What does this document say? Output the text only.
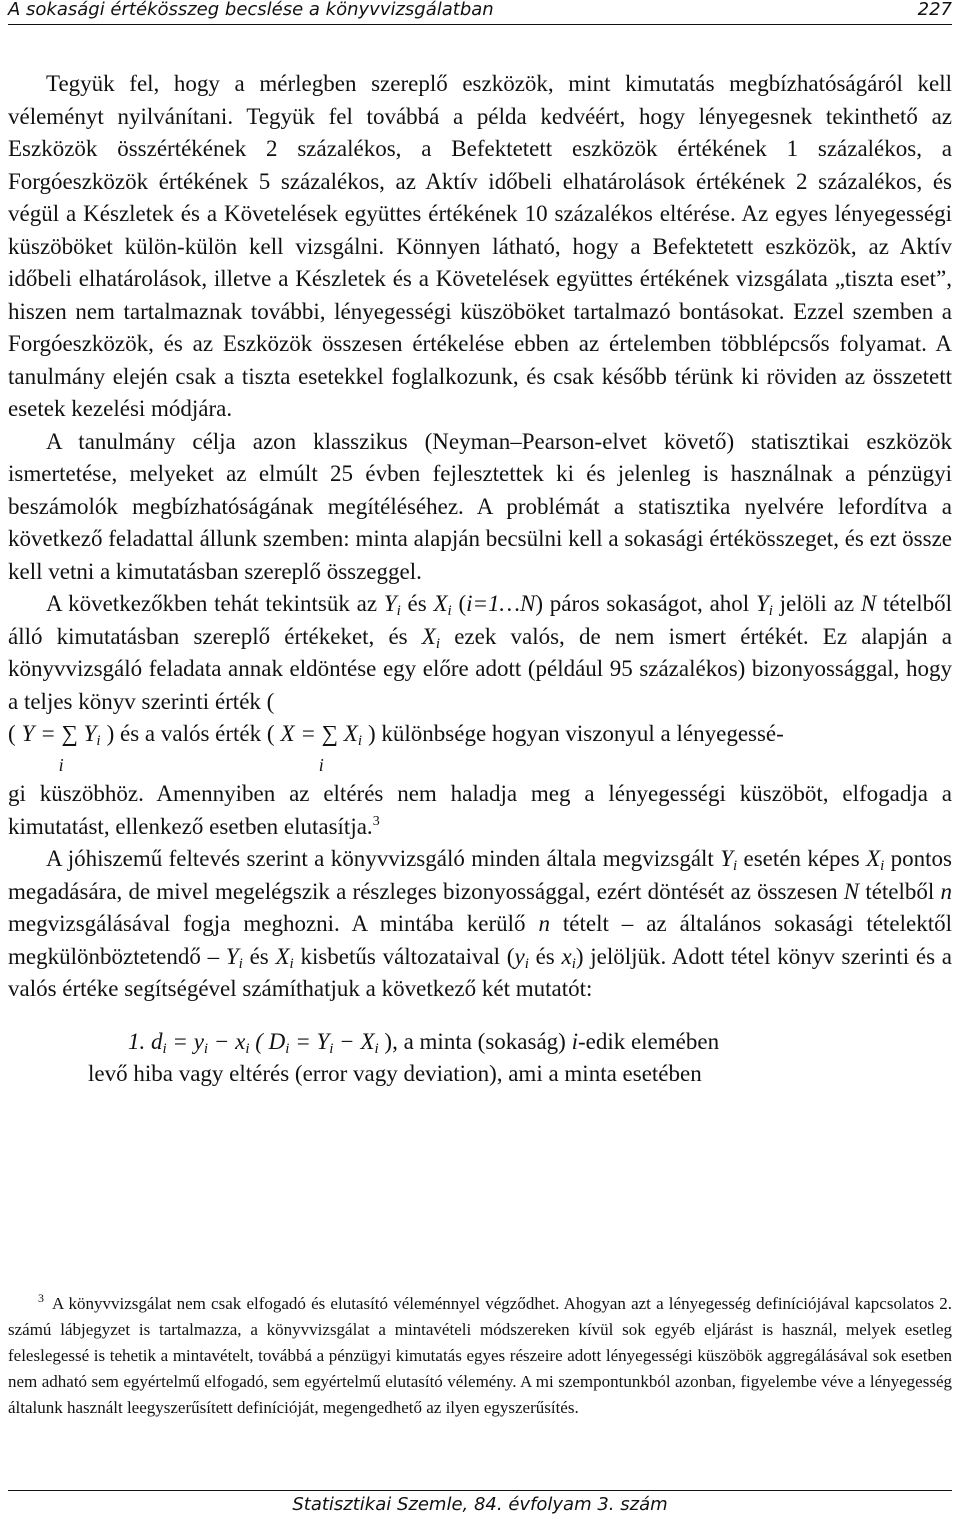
A sokasági értékösszeg becslése a könyvvizsgálatban	227

Tegyük fel, hogy a mérlegben szereplő eszközök, mint kimutatás megbízhatóságáról kell véleményt nyilvánítani. Tegyük fel továbbá a példa kedvéért, hogy lényegesnek tekinthető az Eszközök összértékének 2 százalékos, a Befektetett eszközök értékének 1 százalékos, a Forgóeszközök értékének 5 százalékos, az Aktív időbeli elhatárolások értékének 2 százalékos, és végül a Készletek és a Követelések együttes értékének 10 százalékos eltérése. Az egyes lényegességi küszöböket külön-külön kell vizsgálni. Könnyen látható, hogy a Befektetett eszközök, az Aktív időbeli elhatárolások, illetve a Készletek és a Követelések együttes értékének vizsgálata „tiszta eset”, hiszen nem tartalmaznak további, lényegességi küszöböket tartalmazó bontásokat. Ezzel szemben a Forgóeszközök, és az Eszközök összesen értékelése ebben az értelemben többlépcsős folyamat. A tanulmány elején csak a tiszta esetekkel foglalkozunk, és csak később térünk ki röviden az összetett esetek kezelési módjára.

A tanulmány célja azon klasszikus (Neyman–Pearson-elvet követő) statisztikai eszközök ismertetése, melyeket az elmúlt 25 évben fejlesztettek ki és jelenleg is használnak a pénzügyi beszámolók megbízhatóságának megítéléséhez. A problémát a statisztika nyelvére lefordítva a következő feladattal állunk szemben: minta alapján becsülni kell a sokasági értékösszeget, és ezt össze kell vetni a kimutatásban szereplő összeggel.

A következőkben tehát tekintsük az $Y_i$ és $X_i$ (i=1…N) páros sokaságot, ahol $Y_i$ jelöli az N tételből álló kimutatásban szereplő értékeket, és $X_i$ ezek valós, de nem ismert értékét. Ez alapján a könyvvizsgáló feladata annak eldöntése egy előre adott (például 95 százalékos) bizonyossággal, hogy a teljes könyv szerinti érték (

( Y = ∑ $Y_i$
i
) és a valós érték ( X = ∑ $X_i$
i
) különbsége hogyan viszonyul a lényegessé-

gi küszöbhöz. Amennyiben az eltérés nem haladja meg a lényegességi küszöböt, elfogadja a kimutatást, ellenkező esetben elutasítja.$^3$

A jóhiszemű feltevés szerint a könyvvizsgáló minden általa megvizsgált $Y_i$ esetén képes $X_i$ pontos megadására, de mivel megelégszik a részleges bizonyossággal, ezért döntését az összesen N tételből n megvizsgálásával fogja meghozni. A mintába kerülő n tételt – az általános sokasági tételektől megkülönböztetendő – $Y_i$ és $X_i$ kisbetűs változataival ($y_i$ és $x_i$) jelöljük. Adott tétel könyv szerinti és a valós értéke segítségével számíthatjuk a következő két mutatót:

1. $d_i = y_i - x_i$ ( $D_i = Y_i - X_i$ ), a minta (sokaság) i-edik elemében
levő hiba vagy eltérés (error vagy deviation), ami a minta esetében
$^3$ A könyvvizsgálat nem csak elfogadó és elutasító véleménnyel végződhet. Ahogyan azt a lényegesség definíciójával kapcsolatos 2. számú lábjegyzet is tartalmazza, a könyvvizsgálat a mintavételi módszereken kívül sok egyéb eljárást is használ, melyek esetleg feleslegessé is tehetik a mintavételt, továbbá a pénzügyi kimutatás egyes részeire adott lényegességi küszöbök aggregálásával sok esetben nem adható sem egyértelmű elfogadó, sem egyértelmű elutasító vélemény. A mi szempontunkból azonban, figyelembe véve a lényegesség általunk használt leegyszerűsített definícióját, megengedhető az ilyen egyszerűsítés.
Statisztikai Szemle, 84. évfolyam 3. szám
